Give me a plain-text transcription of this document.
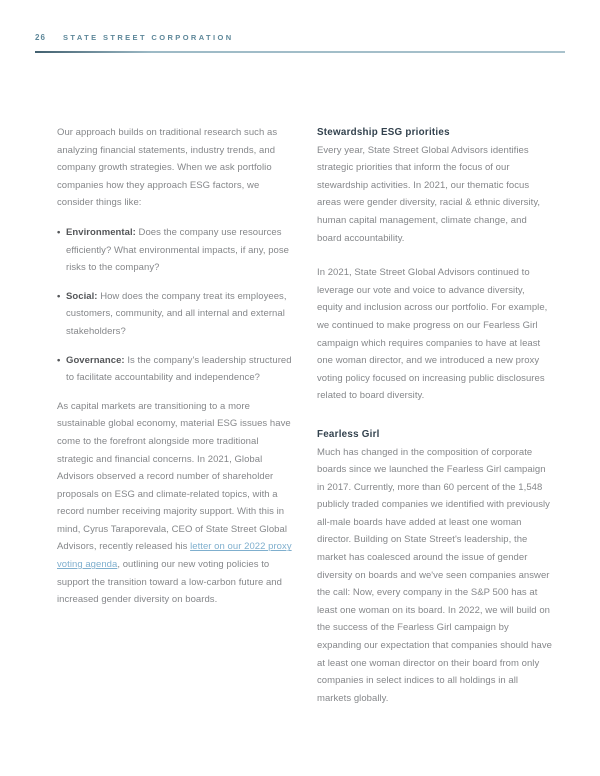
26	STATE STREET CORPORATION

Our approach builds on traditional research such as analyzing financial statements, industry trends, and company growth strategies. When we ask portfolio companies how they approach ESG factors, we consider things like:

• Environmental: Does the company use resources efficiently? What environmental impacts, if any, pose risks to the company?
• Social: How does the company treat its employees, customers, community, and all internal and external stakeholders?
• Governance: Is the company's leadership structured to facilitate accountability and independence?

As capital markets are transitioning to a more sustainable global economy, material ESG issues have come to the forefront alongside more traditional strategic and financial concerns. In 2021, Global Advisors observed a record number of shareholder proposals on ESG and climate-related topics, with a record number receiving majority support. With this in mind, Cyrus Taraporevala, CEO of State Street Global Advisors, recently released his letter on our 2022 proxy voting agenda, outlining our new voting policies to support the transition toward a low-carbon future and increased gender diversity on boards.

Stewardship ESG priorities

Every year, State Street Global Advisors identifies strategic priorities that inform the focus of our stewardship activities. In 2021, our thematic focus areas were gender diversity, racial & ethnic diversity, human capital management, climate change, and board accountability.

In 2021, State Street Global Advisors continued to leverage our vote and voice to advance diversity, equity and inclusion across our portfolio. For example, we continued to make progress on our Fearless Girl campaign which requires companies to have at least one woman director, and we introduced a new proxy voting policy focused on increasing public disclosures related to board diversity.

Fearless Girl

Much has changed in the composition of corporate boards since we launched the Fearless Girl campaign in 2017. Currently, more than 60 percent of the 1,548 publicly traded companies we identified with previously all-male boards have added at least one woman director. Building on State Street's leadership, the market has coalesced around the issue of gender diversity on boards and we've seen companies answer the call: Now, every company in the S&P 500 has at least one woman on its board. In 2022, we will build on the success of the Fearless Girl campaign by expanding our expectation that companies should have at least one woman director on their board from only companies in select indices to all holdings in all markets globally.
